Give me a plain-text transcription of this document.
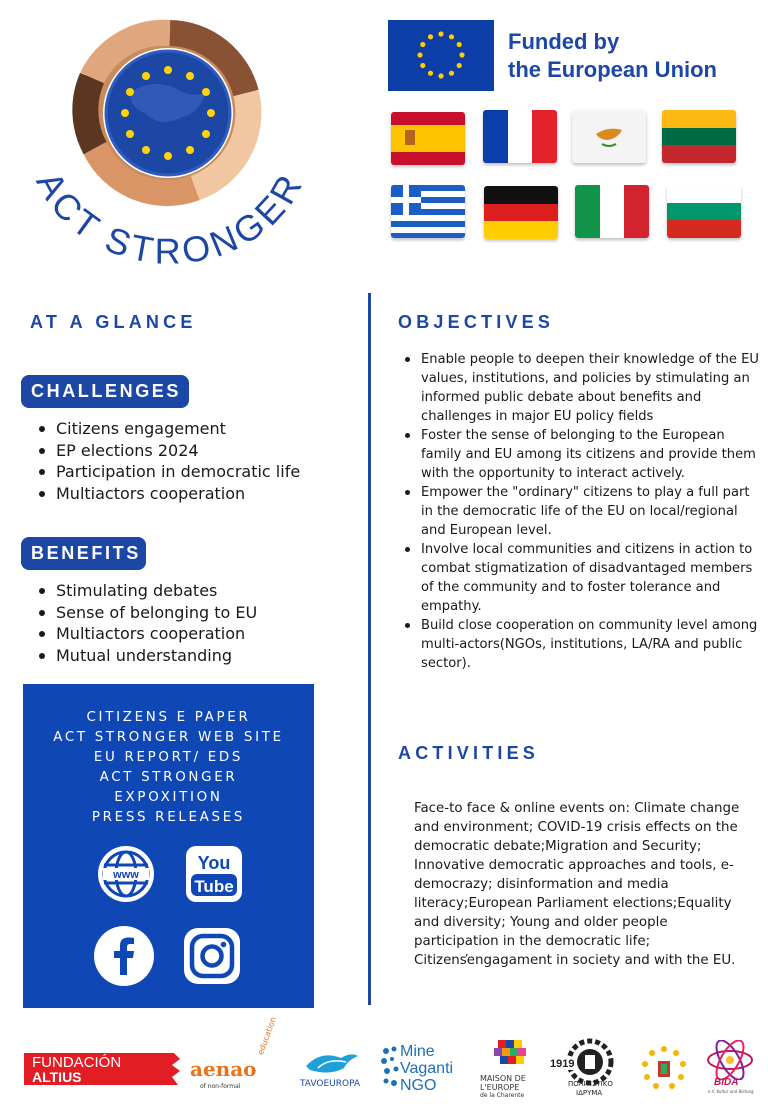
ACT STRONGER
Funded by
the European Union
AT A GLANCE
CHALLENGES
Citizens engagement
EP elections 2024
Participation in democratic life
Multiactors cooperation
BENEFITS
Stimulating debates
Sense of belonging to EU
Multiactors cooperation
Mutual understanding
CITIZENS E PAPER
ACT STRONGER WEB SITE
EU REPORT/ EDS
ACT STRONGER
EXPOXITION
PRESS RELEASES
www
You
Tube
OBJECTIVES
Enable people to deepen their knowledge of the EU values, institutions, and policies by stimulating an informed public debate about benefits and challenges in major EU policy fields
Foster the sense of belonging to the European family and EU among its citizens and provide them with the opportunity to interact actively.
Empower the "ordinary" citizens to play a full part in the democratic life of the EU on local/regional and European level.
Involve local communities and citizens in action to combat stigmatization of disadvantaged members of the community and to foster tolerance and empathy.
Build close cooperation on community level among multi-actors(NGOs, institutions, LA/RA and public sector).
ACTIVITIES
Face-to face & online events on: Climate change and environment; COVID-19 crisis effects on the democratic debate;Migration and Security; Innovative democratic approaches and tools, e-democrazy; disinformation and media literacy;European Parliament elections;Equality and diversity; Young and older people participation in the democratic life; Citizens̕engagament in society and with the EU.
FUNDACIÓN
ALTIUS	aenao
of non-formal
education
TAVOEUROPA
Mine
Vaganti
NGO	MAISON DE
L'EUROPE
de la Charente
1919
ΠΟΛΙΤΙΣΤΙΚΟ
ΙΔΡΥΜΑ
BIDA
e.V. Kultur und Bildung
